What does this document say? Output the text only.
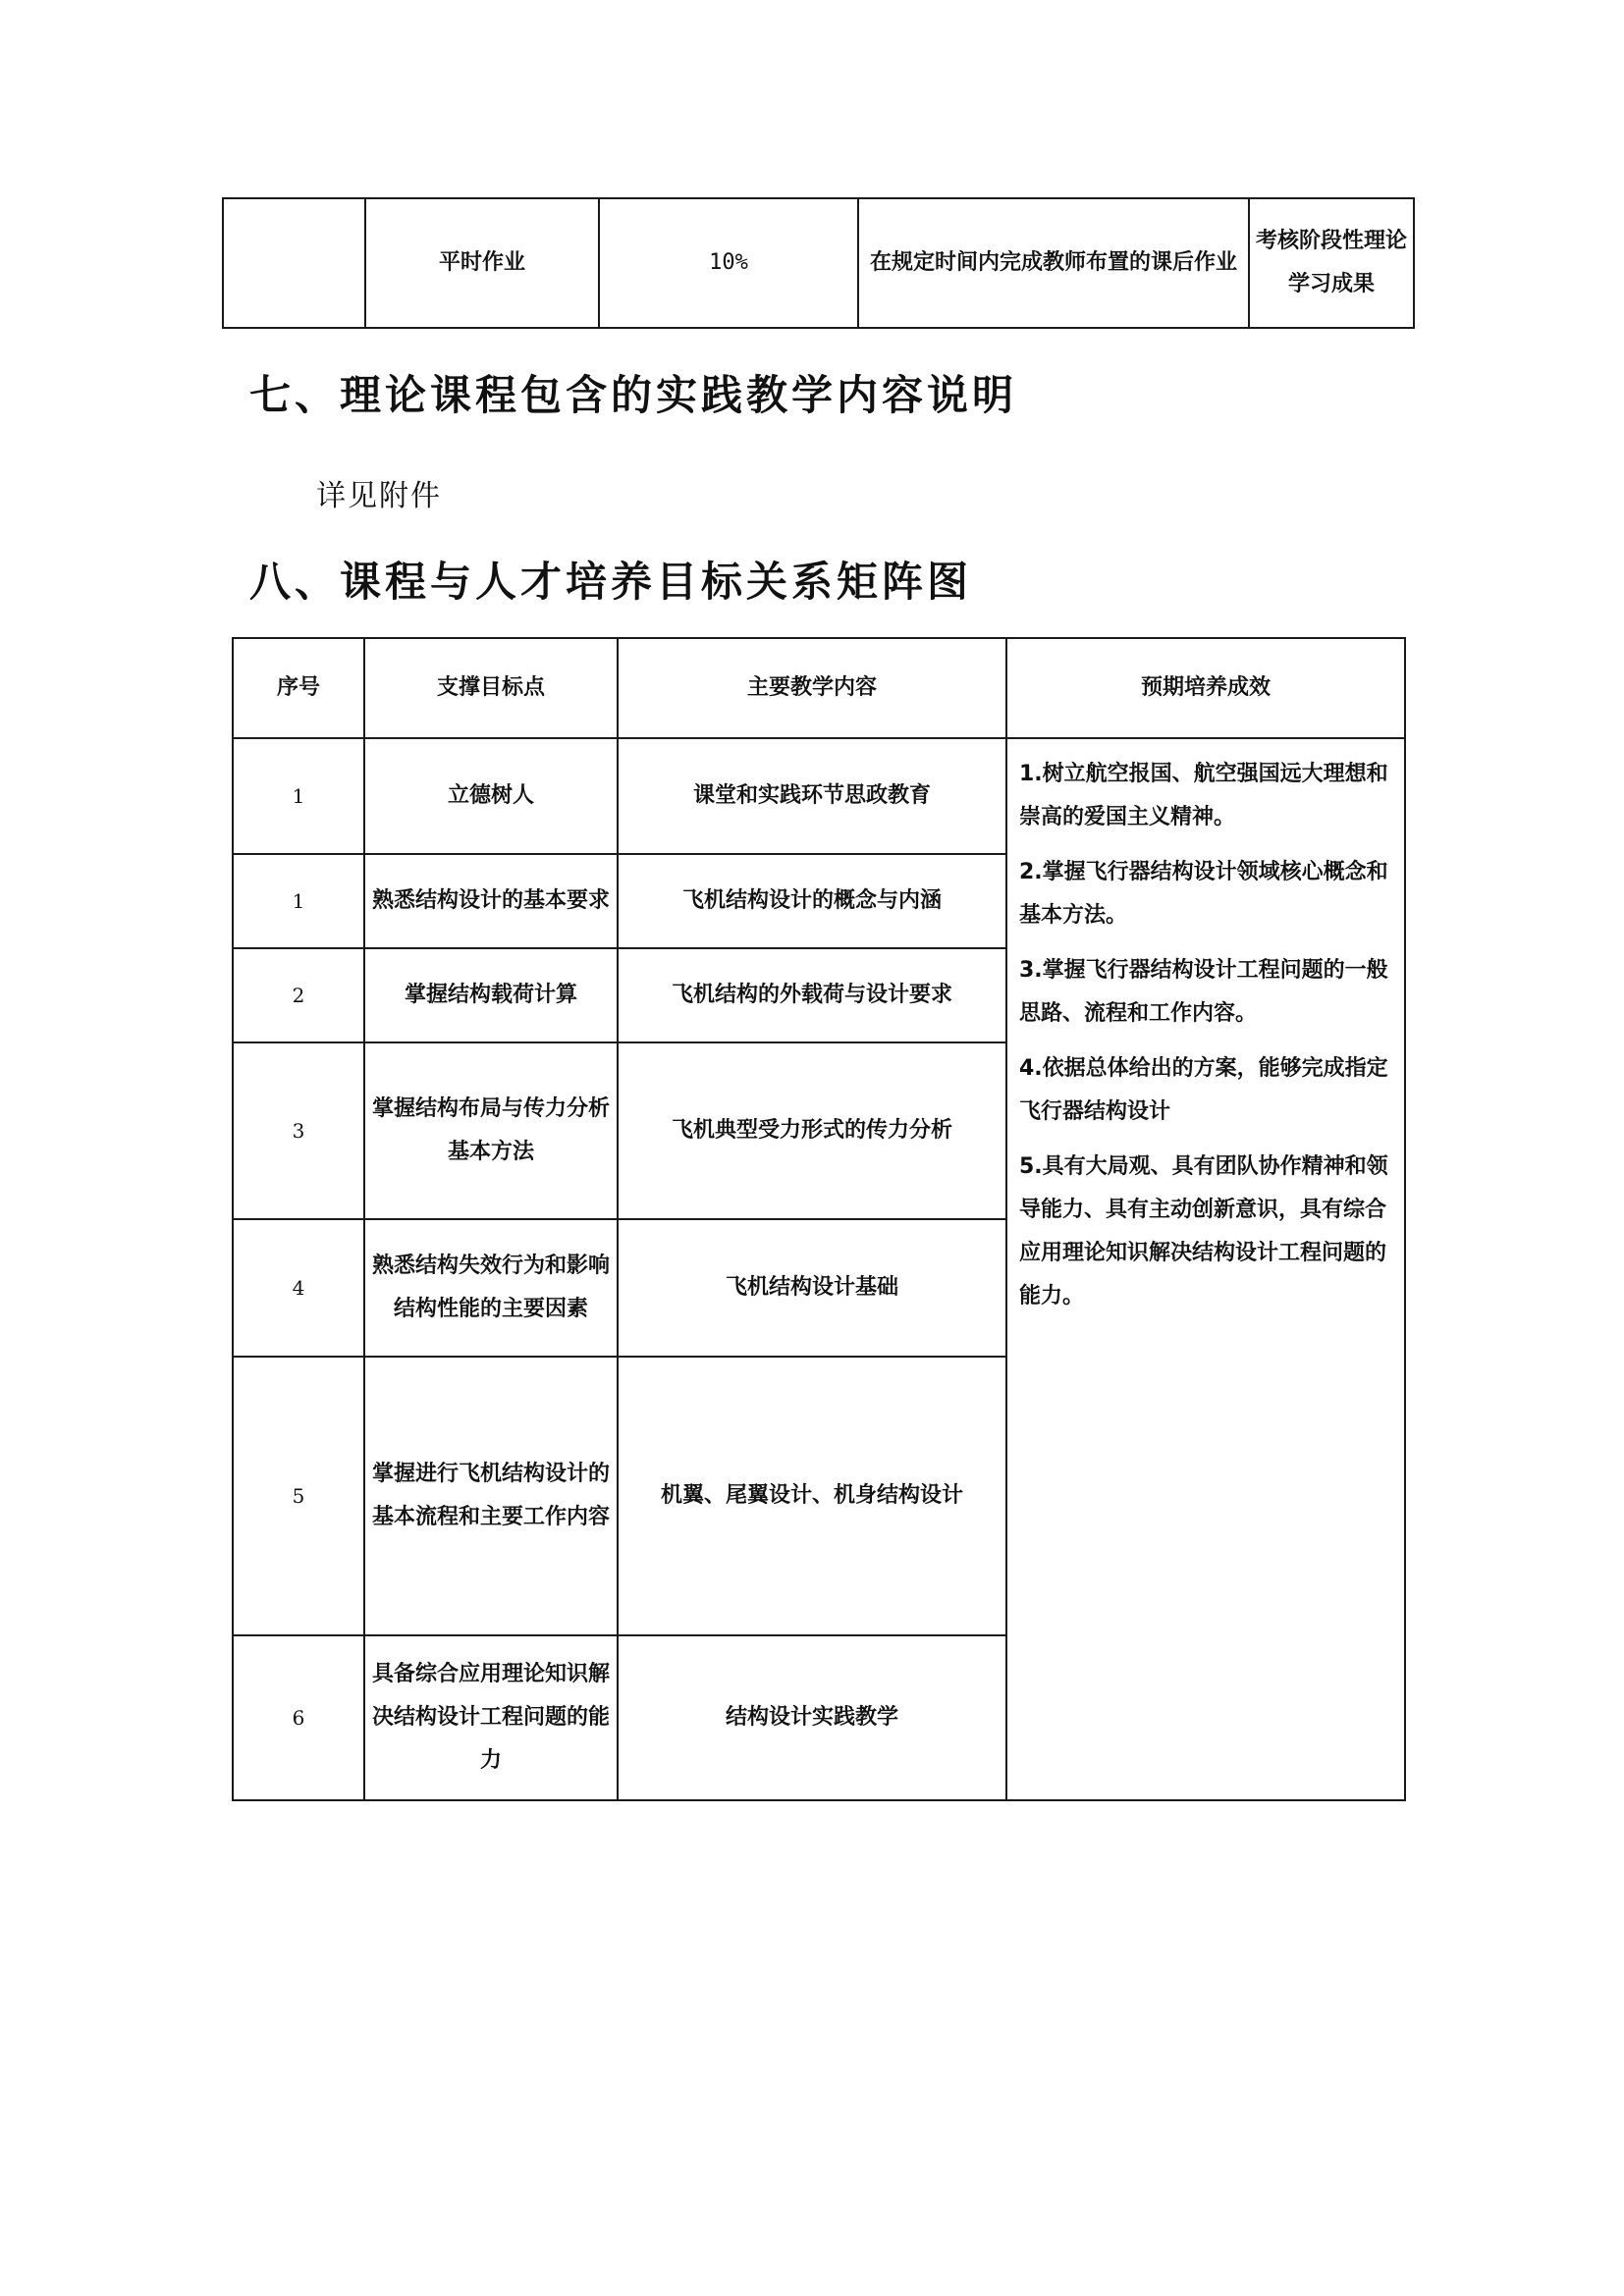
	平时作业	10%	在规定时间内完成教师布置的课后作业	考核阶段性理论学习成果
七、理论课程包含的实践教学内容说明
详见附件
八、课程与人才培养目标关系矩阵图
序号	支撑目标点	主要教学内容	预期培养成效
1	立德树人	课堂和实践环节思政教育	1.树立航空报国、航空强国远大理想和崇高的爱国主义精神。
2.掌握飞行器结构设计领域核心概念和基本方法。
3.掌握飞行器结构设计工程问题的一般思路、流程和工作内容。
4.依据总体给出的方案，能够完成指定飞行器结构设计
5.具有大局观、具有团队协作精神和领导能力、具有主动创新意识，具有综合应用理论知识解决结构设计工程问题的能力。

1	熟悉结构设计的基本要求	飞机结构设计的概念与内涵	
2	掌握结构载荷计算	飞机结构的外载荷与设计要求	
3	掌握结构布局与传力分析基本方法	飞机典型受力形式的传力分析	
4	熟悉结构失效行为和影响结构性能的主要因素	飞机结构设计基础	
5	掌握进行飞机结构设计的基本流程和主要工作内容	机翼、尾翼设计、机身结构设计	
6	具备综合应用理论知识解决结构设计工程问题的能力	结构设计实践教学	
